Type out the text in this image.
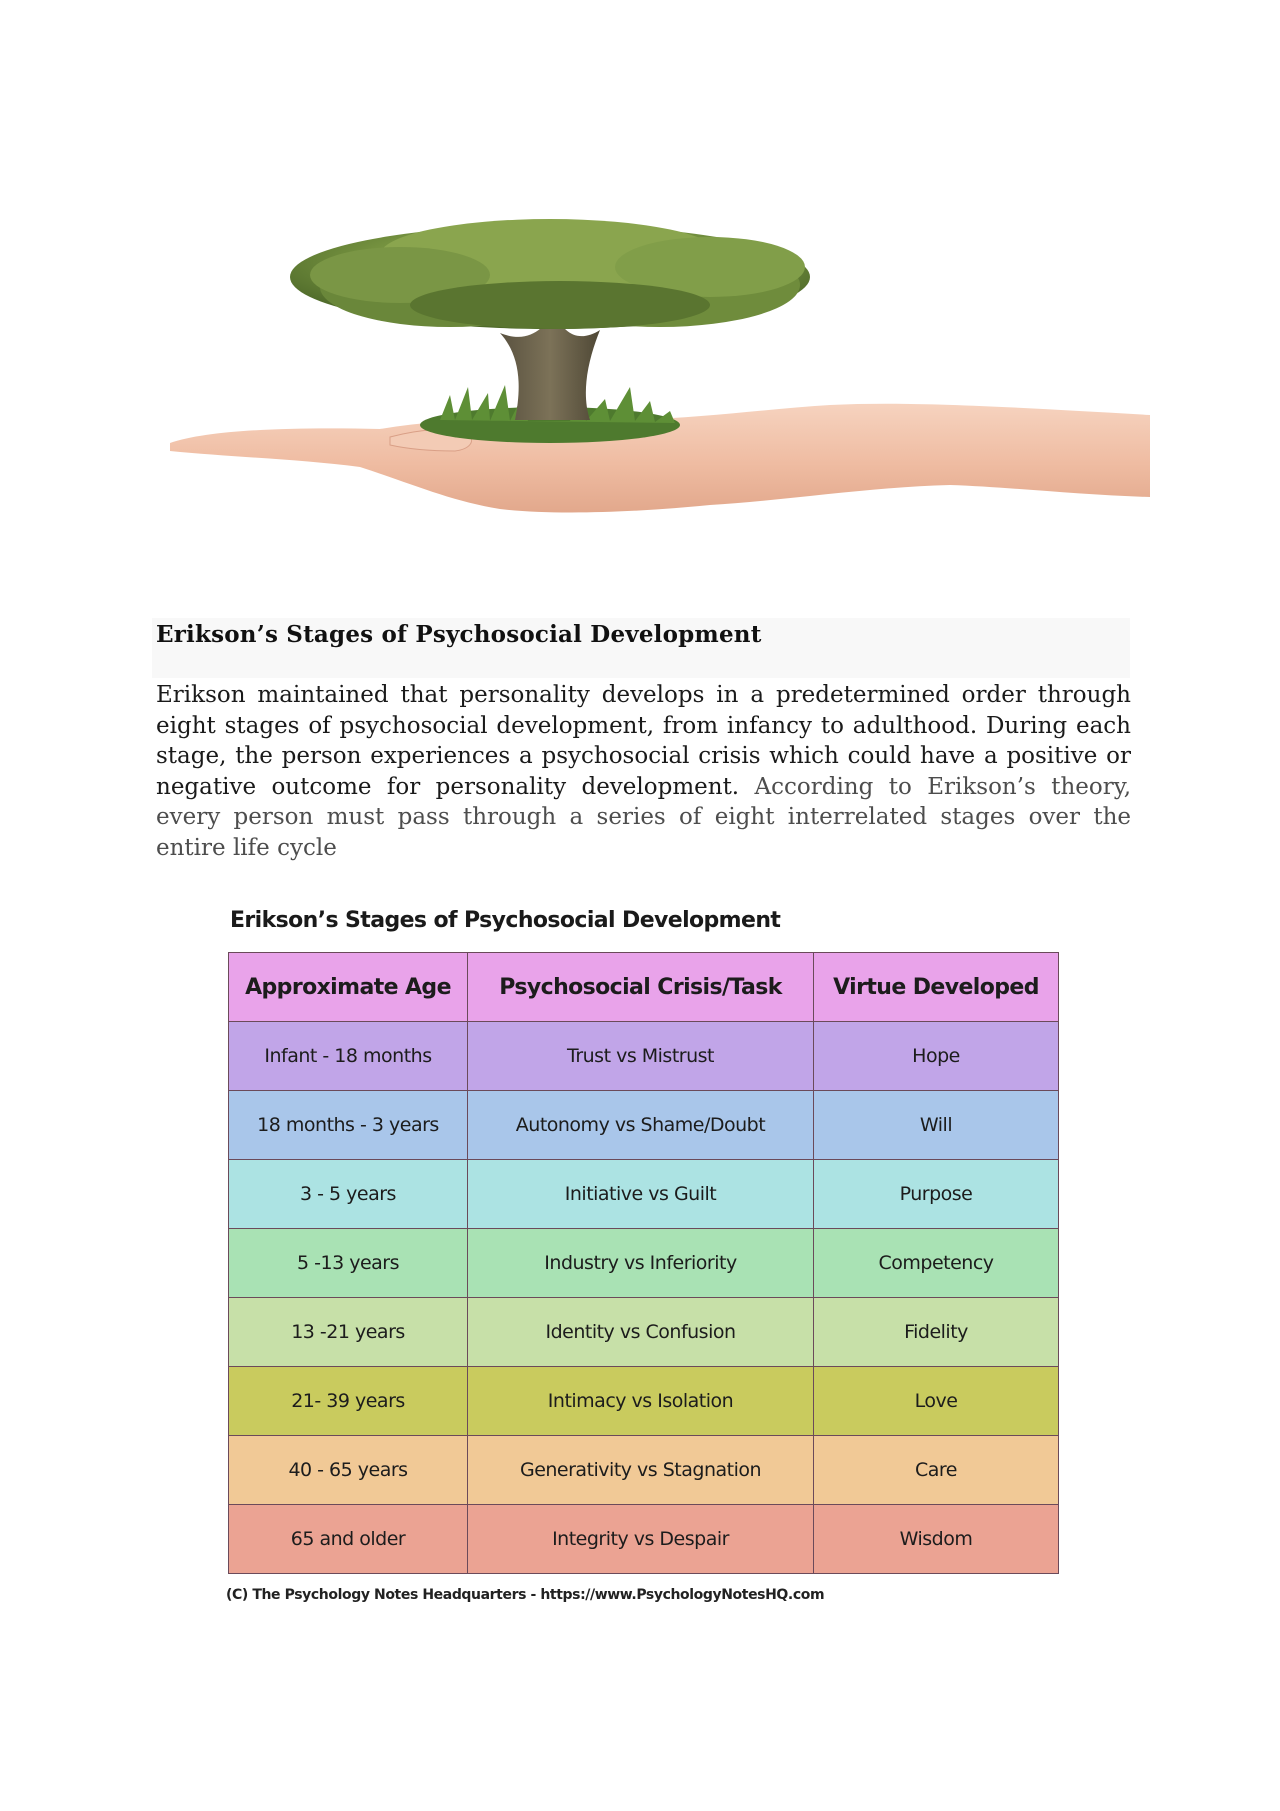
Erikson’s Stages of Psychosocial Development

Erikson maintained that personality develops in a predetermined order through eight stages of psychosocial development, from infancy to adulthood. During each stage, the person experiences a psychosocial crisis which could have a positive or negative outcome for personality development. According to Erikson’s theory, every person must pass through a series of eight interrelated stages over the entire life cycle

Erikson’s Stages of Psychosocial Development
Approximate Age	Psychosocial Crisis/Task	Virtue Developed
Infant - 18 months	Trust vs Mistrust	Hope
18 months - 3 years	Autonomy vs Shame/Doubt	Will
3 - 5 years	Initiative vs Guilt	Purpose
5 -13 years	Industry vs Inferiority	Competency
13 -21 years	Identity vs Confusion	Fidelity
21- 39 years	Intimacy vs Isolation	Love
40 - 65 years	Generativity vs Stagnation	Care
65 and older	Integrity vs Despair	Wisdom

(C) The Psychology Notes Headquarters - https://www.PsychologyNotesHQ.com
